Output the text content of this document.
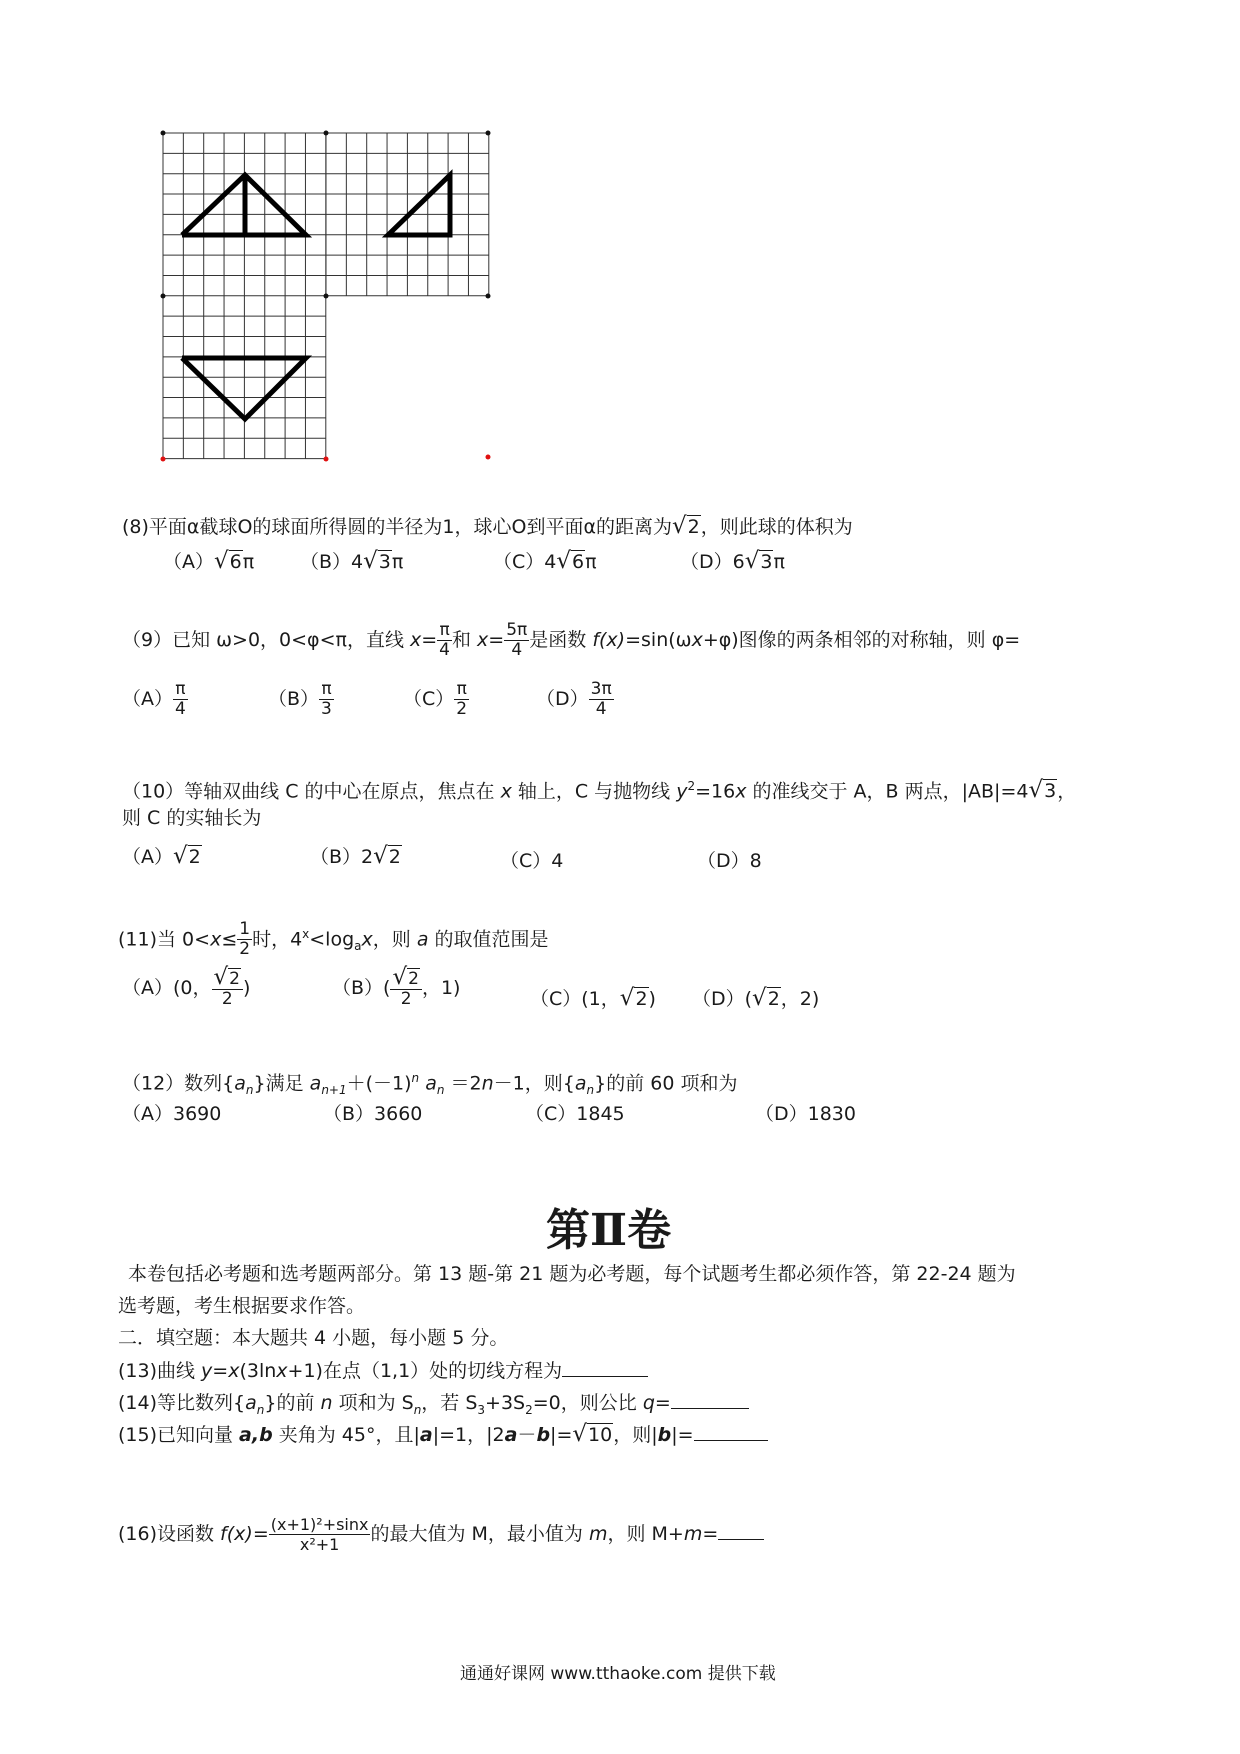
(8)平面α截球O的球面所得圆的半径为1，球心O到平面α的距离为√2，则此球的体积为
（A）√6π （B）4√3π	（C）4√6π	（D）6√3π
（9）已知 ω>0，0<φ<π，直线 $x= \frac{\pi}{4}$ 和 $x= \frac{5\pi}{4}$ 是函数 f(x)=sin(ωx+φ)图像的两条相邻的对称轴，则 φ=
$(A) \frac{\pi}{4}$	$(B) \frac{\pi}{3}$	$(C) \frac{\pi}{2}$	$(D) \frac{3\pi}{4}$
（10）等轴双曲线 C 的中心在原点，焦点在 x 轴上，C 与抛物线 $y^2=16x$ 的准线交于 A，B 两点，|AB|=4√3，
则 C 的实轴长为
（A）√2	（B）2√2	（C）4	（D）8
(11)当 $0<x\le \frac{1}{2}$ 时，$4^x<\log_ax$，则 a 的取值范围是
（A）(0， $\frac{√2}{2}$ )	$(B)( \frac{√2}{2}$ ，1)	（C）(1，√2) （D）(√2，2)
（12）数列$\{a_n\}$满足 $a_{n+1}+(-1)^n$ $a_n =2n-1$，则$\{a_n\}$的前 60 项和为
（A）3690	（B）3660	（C）1845	（D）1830
第Ⅱ卷
本卷包括必考题和选考题两部分。第 13 题-第 21 题为必考题，每个试题考生都必须作答，第 22-24 题为
选考题，考生根据要求作答。
二．填空题：本大题共 4 小题，每小题 5 分。
(13)曲线 y=x(3lnx+1)在点（1,1）处的切线方程为
(14)等比数列$\{a_n\}$的前 n 项和为 $S_n$，若 $S_3+3S_2=0$，则公比 q=
(15)已知向量 a,b 夹角为 45°，且|a|=1，|2a－b|=√10，则|b|=
(16)设函数 $f(x)= \frac{\text{(x+1)²+sinx}}{\text{x²+1}}$ 的最大值为 M，最小值为 m，则 M+m=
通通好课网 www.tthaoke.com 提供下载
